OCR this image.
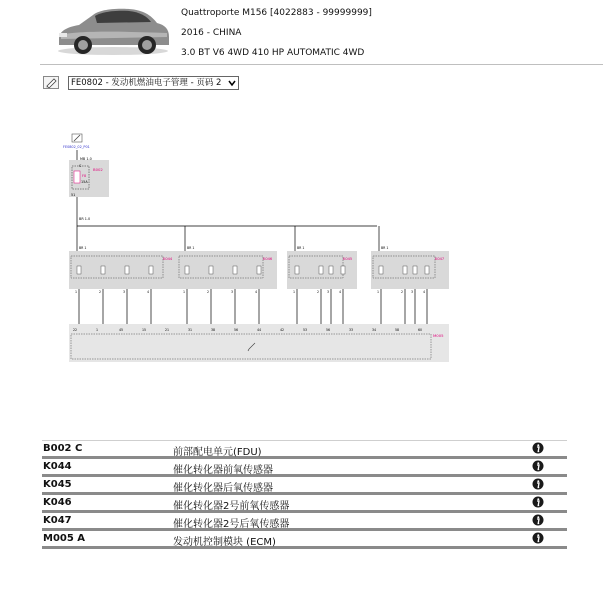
Quattroporte M156 [4022883 - 99999999]
2016 - CHINA
3.0 BT V6 4WD 410 HP AUTOMATIC 4WD
FE0802 - 发动机燃油电子管理 - 页码 2
FE0802_02_P01
MB 1.0
C
B002
F8
15A
51
BR 1.0
BR 1
K044
1	2	3	4
BR 1
K046
1	2	3	4
BR 1
K045
1	2 3	4
BR 1
K047
1	2 3	4
M005
22	1	45	15	21	31	38	56	44	42	53	56	33	34	58	60
B002 C	前部配电单元(FDU)
K044	催化转化器前氧传感器
K045	催化转化器后氧传感器
K046	催化转化器2号前氧传感器
K047	催化转化器2号后氧传感器
M005 A	发动机控制模块 (ECM)
